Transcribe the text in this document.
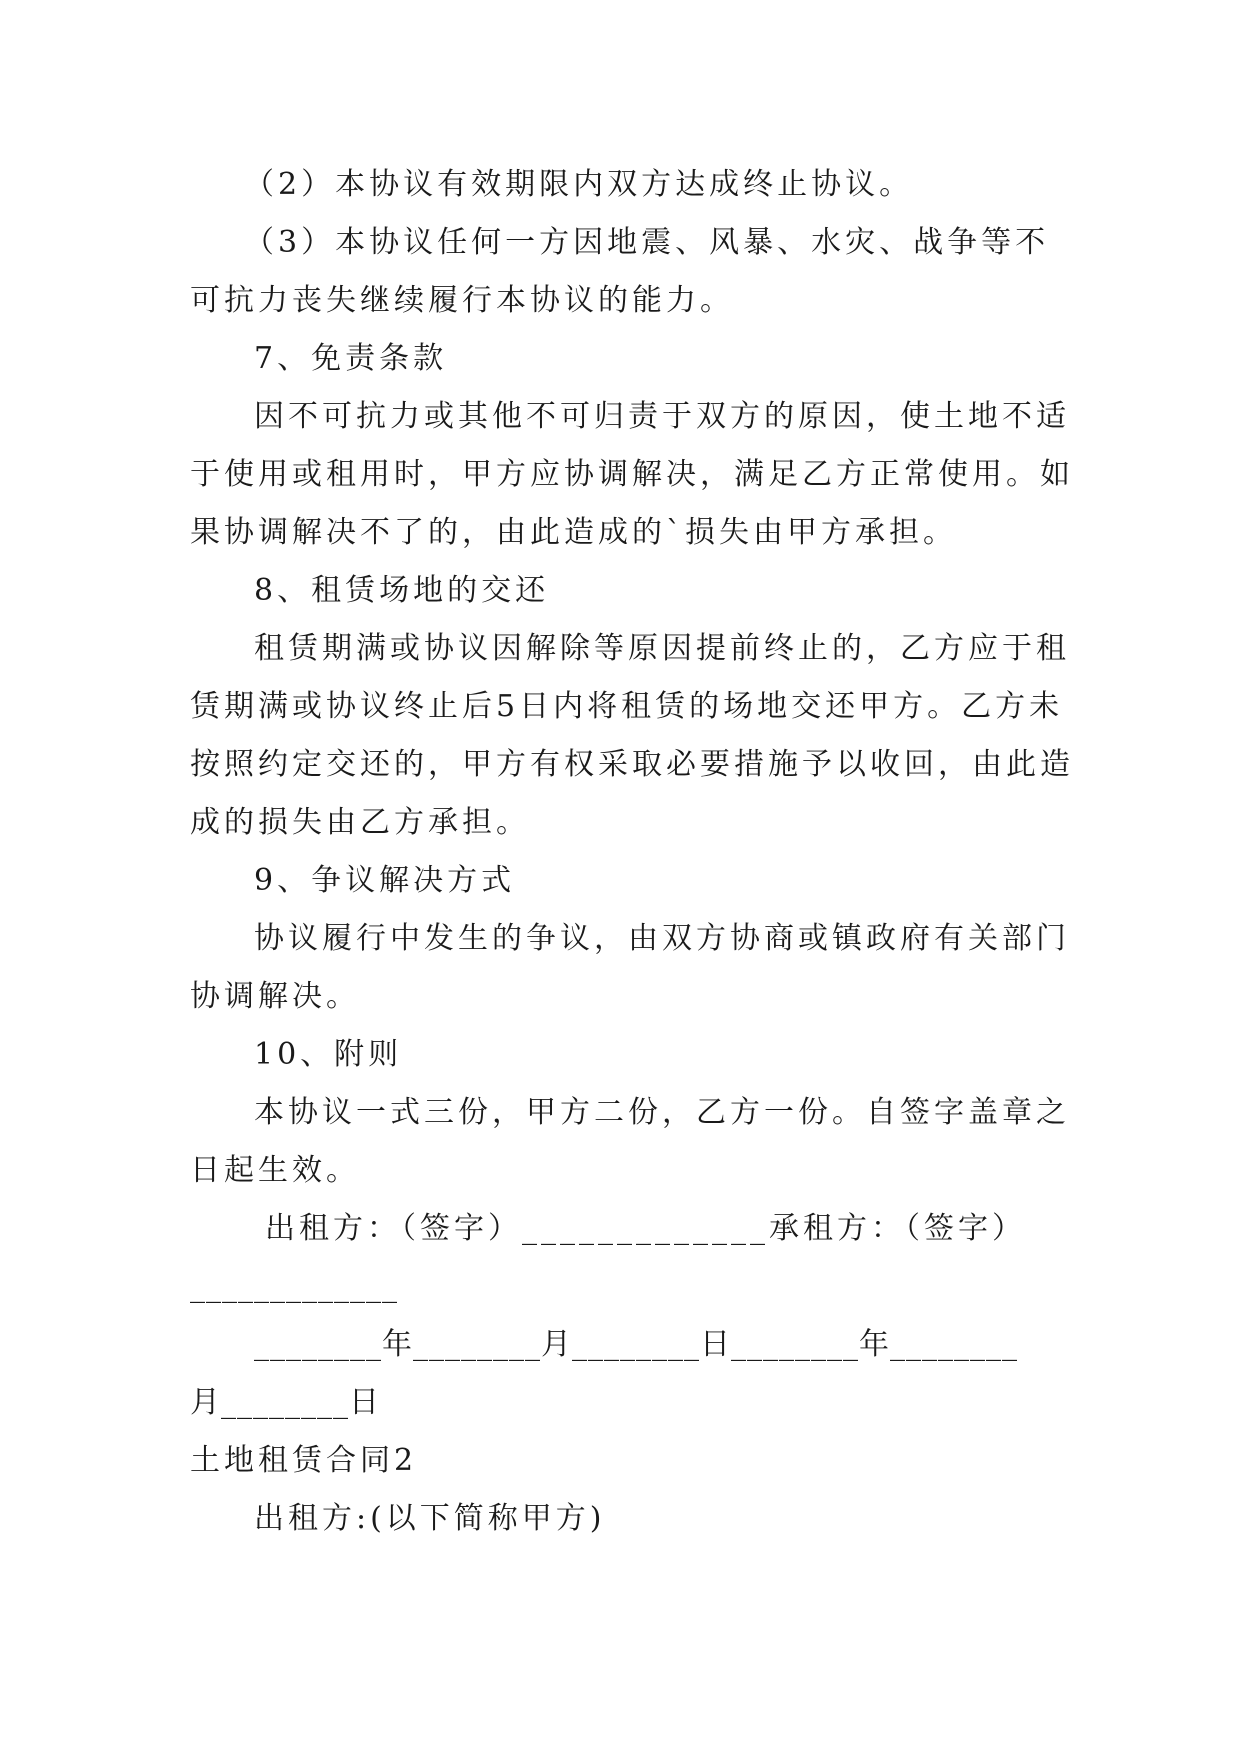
（2）本协议有效期限内双方达成终止协议。
（3）本协议任何一方因地震、风暴、水灾、战争等不
可抗力丧失继续履行本协议的能力。
7、免责条款
因不可抗力或其他不可归责于双方的原因，使土地不适
于使用或租用时，甲方应协调解决，满足乙方正常使用。如
果协调解决不了的，由此造成的`损失由甲方承担。
8、租赁场地的交还
租赁期满或协议因解除等原因提前终止的，乙方应于租
赁期满或协议终止后5日内将租赁的场地交还甲方。乙方未
按照约定交还的，甲方有权采取必要措施予以收回，由此造
成的损失由乙方承担。
9、争议解决方式
协议履行中发生的争议，由双方协商或镇政府有关部门
协调解决。
10、附则
本协议一式三份，甲方二份，乙方一份。自签字盖章之
日起生效。
出租方：（签字）_____________承租方：（签字）
_____________
________年________月________日________年________
月________日
土地租赁合同2
出租方:(以下简称甲方)
